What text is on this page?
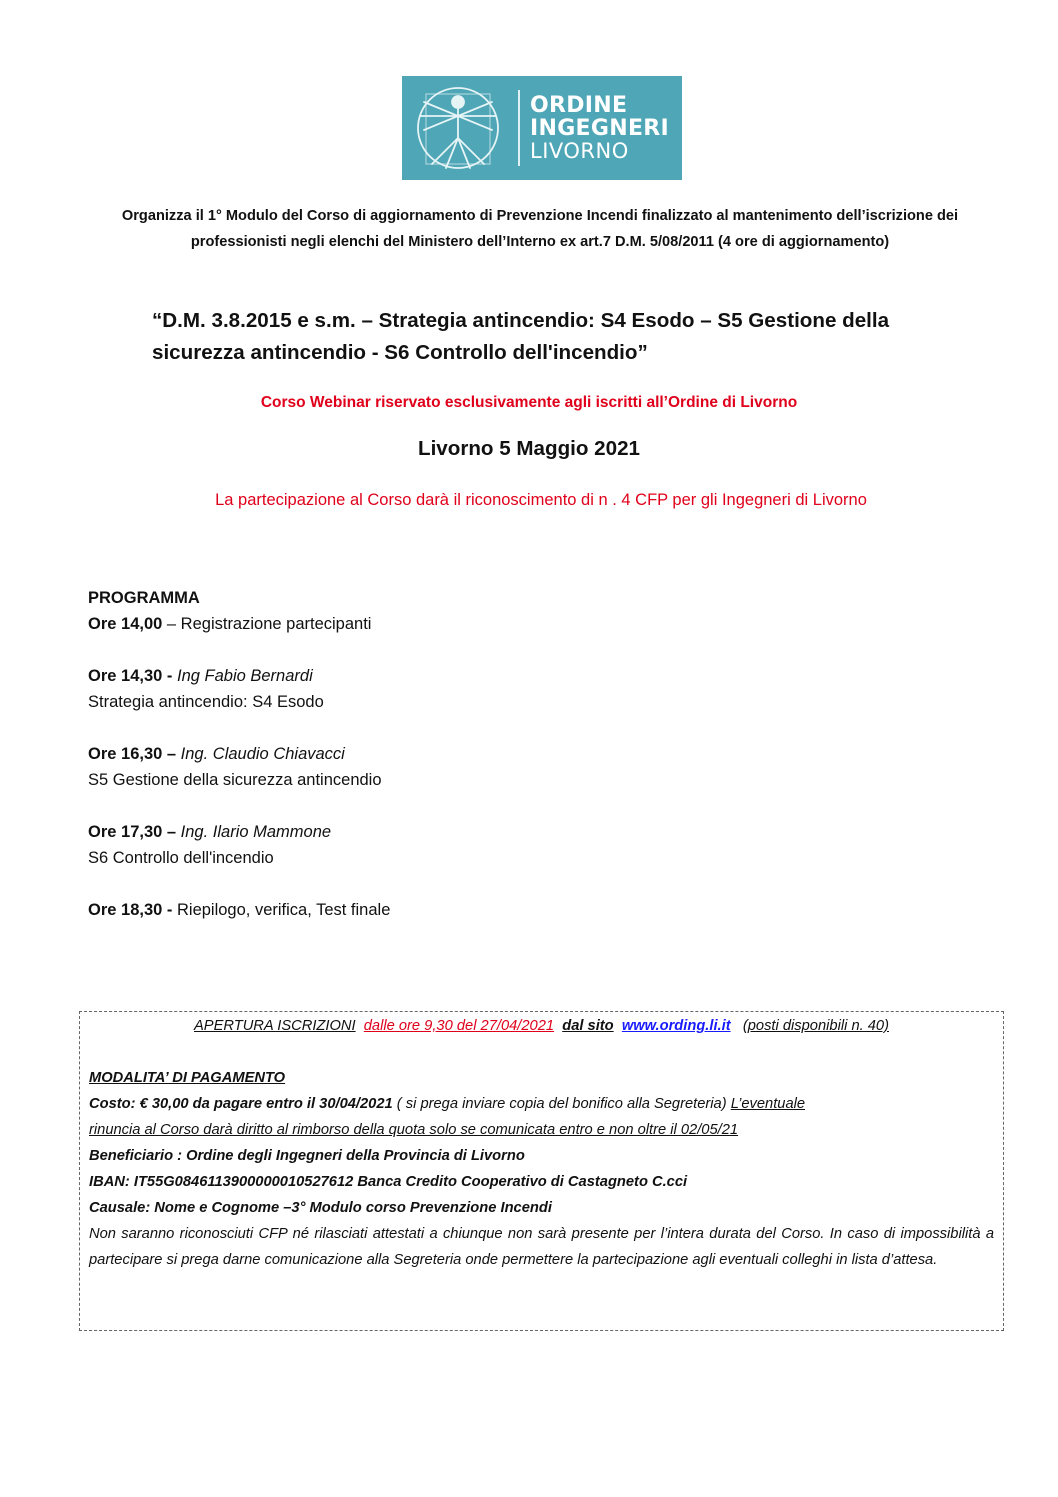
ORDINE
INGEGNERI
LIVORNO
Organizza il 1° Modulo del Corso di aggiornamento di Prevenzione Incendi finalizzato al mantenimento dell’iscrizione dei professionisti negli elenchi del Ministero dell’Interno ex art.7 D.M. 5/08/2011 (4 ore di aggiornamento)
“D.M. 3.8.2015 e s.m. – Strategia antincendio: S4 Esodo – S5 Gestione della
sicurezza antincendio - S6 Controllo dell'incendio”
Corso Webinar riservato esclusivamente agli iscritti all’Ordine di Livorno
Livorno 5 Maggio 2021
La partecipazione al Corso darà il riconoscimento di n . 4 CFP per gli Ingegneri di Livorno
PROGRAMMA
Ore 14,00 – Registrazione partecipanti
Ore 14,30 - Ing Fabio Bernardi
Strategia antincendio: S4 Esodo
Ore 16,30 – Ing. Claudio Chiavacci
S5 Gestione della sicurezza antincendio
Ore 17,30 – Ing. Ilario Mammone
S6 Controllo dell'incendio
Ore 18,30 - Riepilogo, verifica, Test finale
APERTURA ISCRIZIONI dalle ore 9,30 del 27/04/2021 dal sito www.ording.li.it (posti disponibili n. 40)

MODALITA’ DI PAGAMENTO

Costo: € 30,00 da pagare entro il 30/04/2021 ( si prega inviare copia del bonifico alla Segreteria) L’eventuale

rinuncia al Corso darà diritto al rimborso della quota solo se comunicata entro e non oltre il 02/05/21

Beneficiario : Ordine degli Ingegneri della Provincia di Livorno

IBAN: IT55G0846113900000010527612 Banca Credito Cooperativo di Castagneto C.cci

Causale: Nome e Cognome –3° Modulo corso Prevenzione Incendi

Non saranno riconosciuti CFP né rilasciati attestati a chiunque non sarà presente per l’intera durata del Corso. In caso di impossibilità a partecipare si prega darne comunicazione alla Segreteria onde permettere la partecipazione agli eventuali colleghi in lista d’attesa.
